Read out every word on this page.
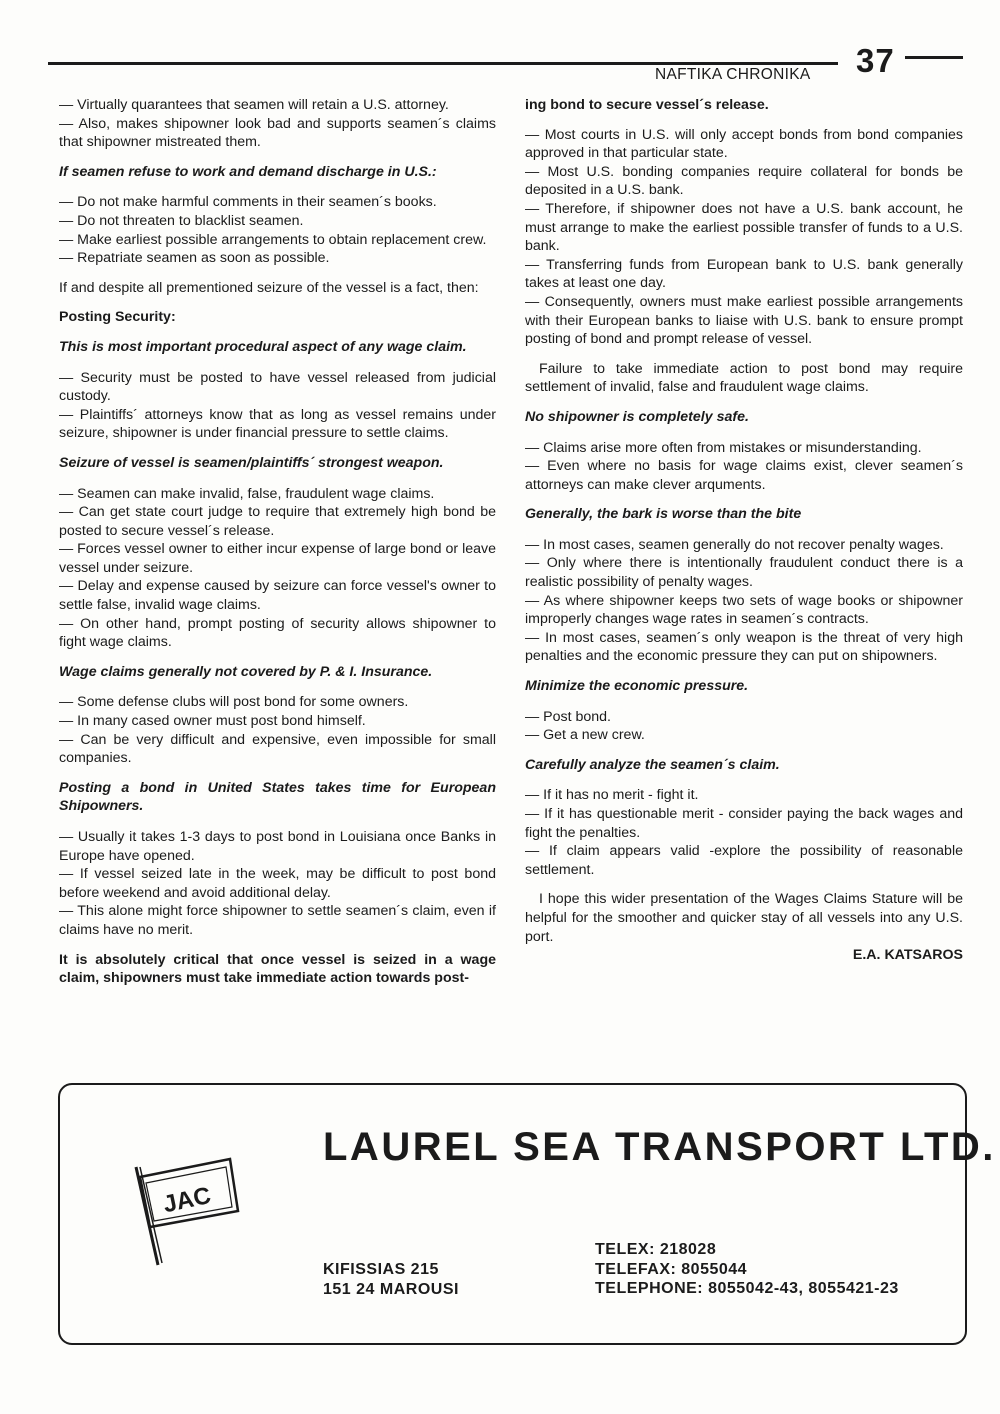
NAFTIKA CHRONIKA 37

— Virtually quarantees that seamen will retain a U.S. attorney.

— Also, makes shipowner look bad and supports seamen´s claims that shipowner mistreated them.

If seamen refuse to work and demand discharge in U.S.:

— Do not make harmful comments in their seamen´s books.

— Do not threaten to blacklist seamen.

— Make earliest possible arrangements to obtain replacement crew.

— Repatriate seamen as soon as possible.

If and despite all prementioned seizure of the vessel is a fact, then:

Posting Security:

This is most important procedural aspect of any wage claim.

— Security must be posted to have vessel released from judicial custody.

— Plaintiffs´ attorneys know that as long as vessel remains under seizure, shipowner is under financial pressure to settle claims.

Seizure of vessel is seamen/plaintiffs´ strongest weapon.

— Seamen can make invalid, false, fraudulent wage claims.

— Can get state court judge to require that extremely high bond be posted to secure vessel´s release.

— Forces vessel owner to either incur expense of large bond or leave vessel under seizure.

— Delay and expense caused by seizure can force vessel's owner to settle false, invalid wage claims.

— On other hand, prompt posting of security allows shipowner to fight wage claims.

Wage claims generally not covered by P. & I. Insurance.

— Some defense clubs will post bond for some owners.

— In many cased owner must post bond himself.

— Can be very difficult and expensive, even impossible for small companies.

Posting a bond in United States takes time for European Shipowners.

— Usually it takes 1-3 days to post bond in Louisiana once Banks in Europe have opened.

— If vessel seized late in the week, may be difficult to post bond before weekend and avoid additional delay.

— This alone might force shipowner to settle seamen´s claim, even if claims have no merit.

It is absolutely critical that once vessel is seized in a wage claim, shipowners must take immediate action towards post-

ing bond to secure vessel´s release.

— Most courts in U.S. will only accept bonds from bond companies approved in that particular state.

— Most U.S. bonding companies require collateral for bonds be deposited in a U.S. bank.

— Therefore, if shipowner does not have a U.S. bank account, he must arrange to make the earliest possible transfer of funds to a U.S. bank.

— Transferring funds from European bank to U.S. bank generally takes at least one day.

— Consequently, owners must make earliest possible arrangements with their European banks to liaise with U.S. bank to ensure prompt posting of bond and prompt release of vessel.

Failure to take immediate action to post bond may require settlement of invalid, false and fraudulent wage claims.

No shipowner is completely safe.

— Claims arise more often from mistakes or misunderstanding.

— Even where no basis for wage claims exist, clever seamen´s attorneys can make clever arquments.

Generally, the bark is worse than the bite

— In most cases, seamen generally do not recover penalty wages.

— Only where there is intentionally fraudulent conduct there is a realistic possibility of penalty wages.

— As where shipowner keeps two sets of wage books or shipowner improperly changes wage rates in seamen´s contracts.

— In most cases, seamen´s only weapon is the threat of very high penalties and the economic pressure they can put on shipowners.

Minimize the economic pressure.

— Post bond.

— Get a new crew.

Carefully analyze the seamen´s claim.

— If it has no merit - fight it.

— If it has questionable merit - consider paying the back wages and fight the penalties.

— If claim appears valid -explore the possibility of reasonable settlement.

I hope this wider presentation of the Wages Claims Stature will be helpful for the smoother and quicker stay of all vessels into any U.S. port.

E.A. KATSAROS

JAC
LAUREL SEA TRANSPORT LTD.
KIFISSIAS 215
151 24 MAROUSI
TELEX: 218028
TELEFAX: 8055044
TELEPHONE: 8055042-43, 8055421-23
